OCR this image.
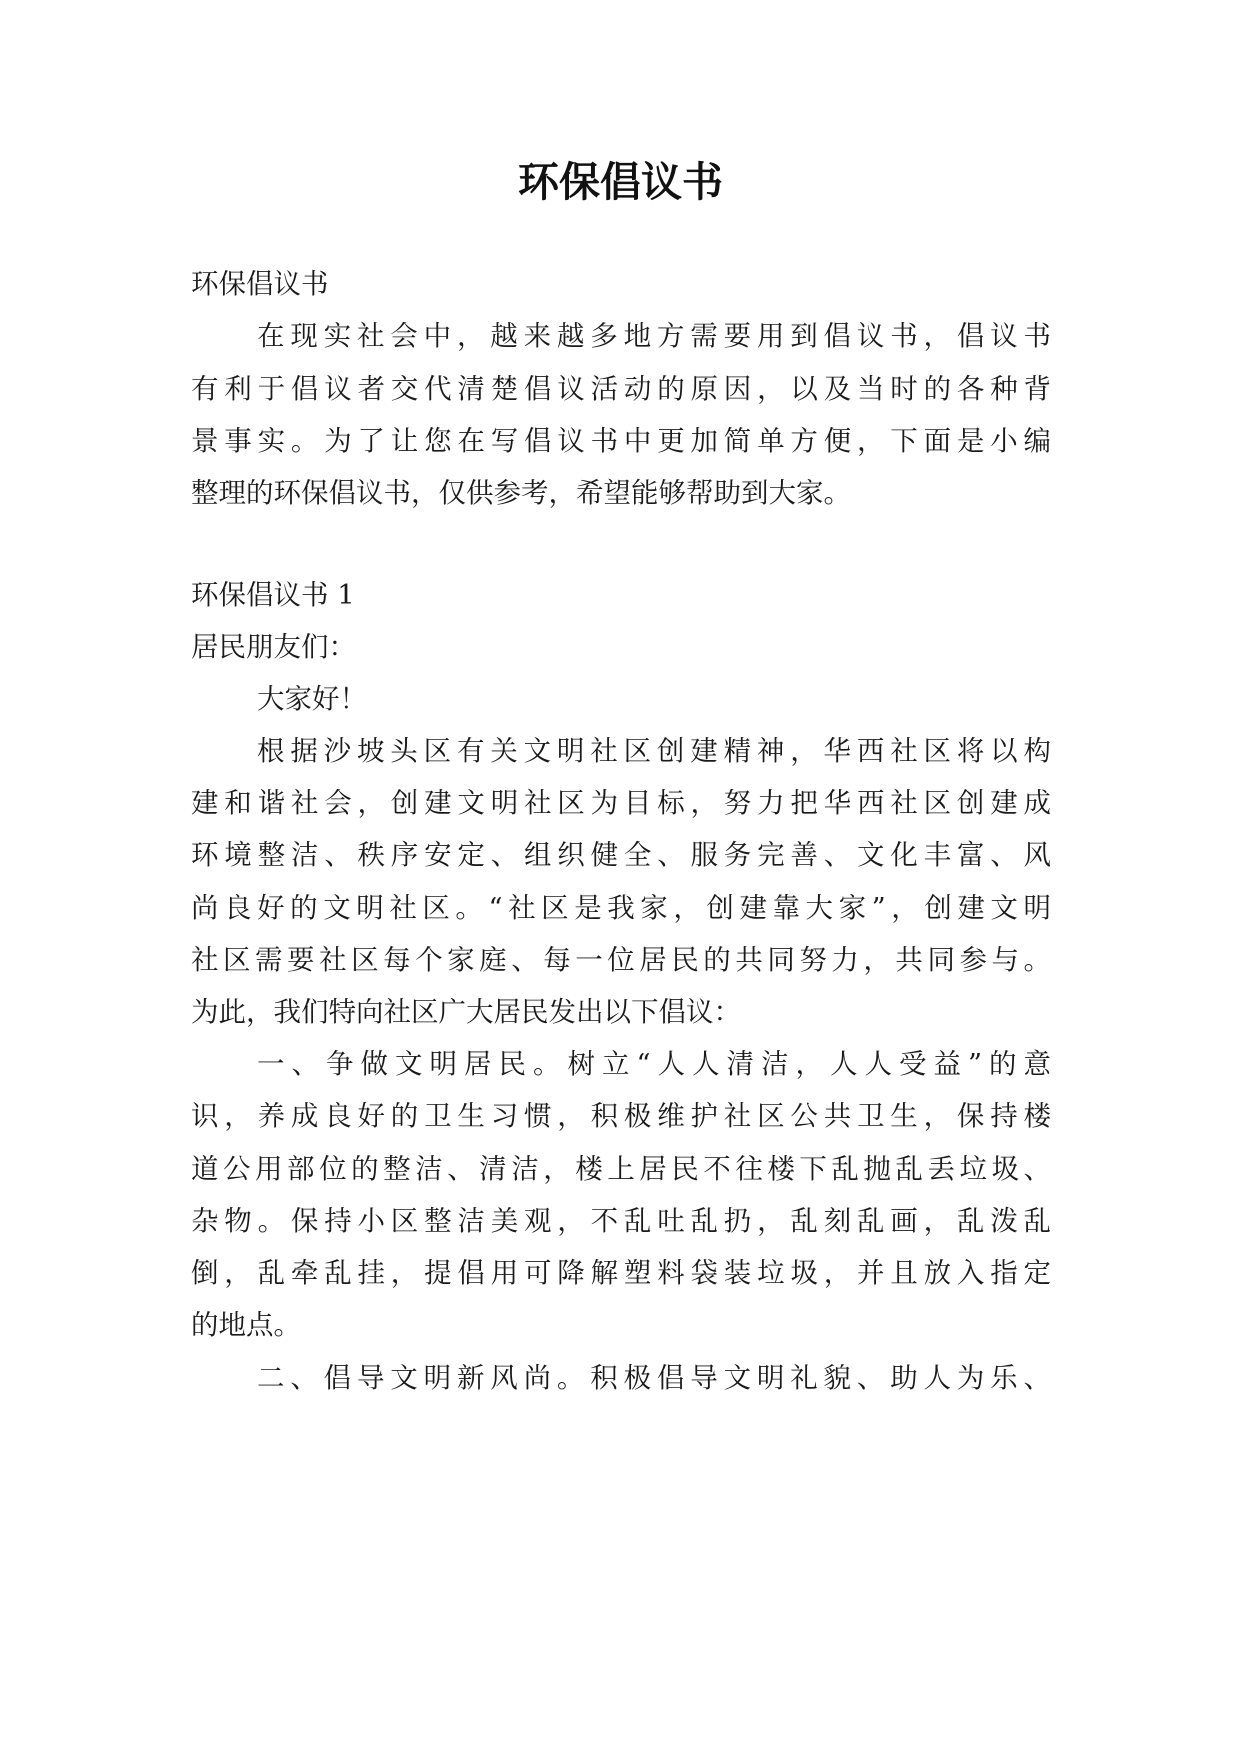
环保倡议书

环保倡议书

在现实社会中，越来越多地方需要用到倡议书，倡议书

有利于倡议者交代清楚倡议活动的原因，以及当时的各种背

景事实。为了让您在写倡议书中更加简单方便，下面是小编

整理的环保倡议书，仅供参考，希望能够帮助到大家。

环保倡议书 1

居民朋友们：

大家好！

根据沙坡头区有关文明社区创建精神，华西社区将以构

建和谐社会，创建文明社区为目标，努力把华西社区创建成

环境整洁、秩序安定、组织健全、服务完善、文化丰富、风

尚良好的文明社区。“社区是我家，创建靠大家”，创建文明

社区需要社区每个家庭、每一位居民的共同努力，共同参与。

为此，我们特向社区广大居民发出以下倡议：

一、争做文明居民。树立“人人清洁，人人受益”的意

识，养成良好的卫生习惯，积极维护社区公共卫生，保持楼

道公用部位的整洁、清洁，楼上居民不往楼下乱抛乱丢垃圾、

杂物。保持小区整洁美观，不乱吐乱扔，乱刻乱画，乱泼乱

倒，乱牵乱挂，提倡用可降解塑料袋装垃圾，并且放入指定

的地点。

二、倡导文明新风尚。积极倡导文明礼貌、助人为乐、
